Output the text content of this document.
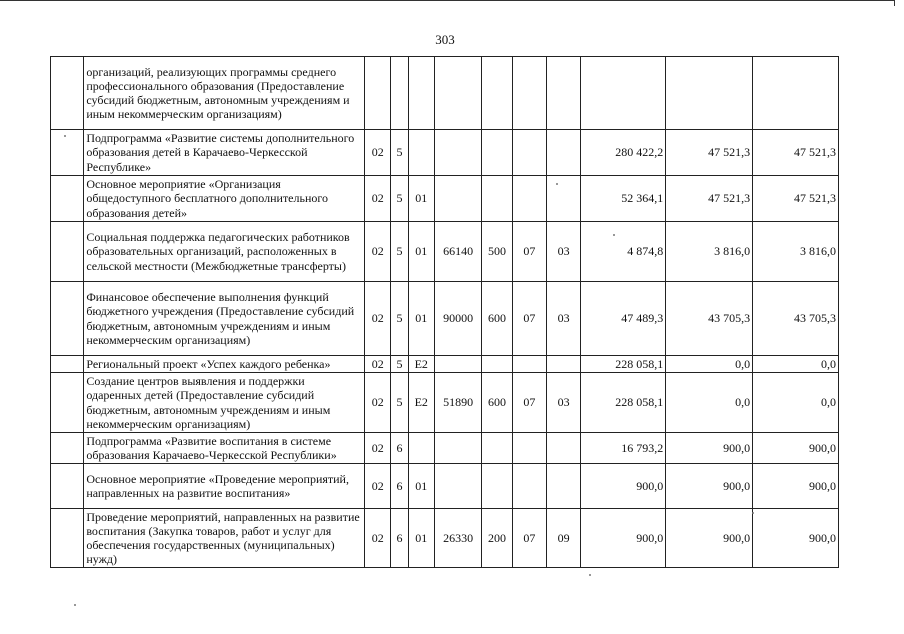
303
	организаций, реализующих программы среднего профессионального образования (Предоставление субсидий бюджетным, автономным учреждениям и иным некоммерческим организациям)										
	Подпрограмма «Развитие системы дополнительного образования детей в Карачаево-Черкесской Республике»	02	5						280 422,2	47 521,3	47 521,3
	Основное мероприятие «Организация общедоступного бесплатного дополнительного образования детей»	02	5	01					52 364,1	47 521,3	47 521,3
	Социальная поддержка педагогических работников образовательных организаций, расположенных в сельской местности (Межбюджетные трансферты)	02	5	01	66140	500	07	03	4 874,8	3 816,0	3 816,0
	Финансовое обеспечение выполнения функций бюджетного учреждения (Предоставление субсидий бюджетным, автономным учреждениям и иным некоммерческим организациям)	02	5	01	90000	600	07	03	47 489,3	43 705,3	43 705,3
	Региональный проект «Успех каждого ребенка»	02	5	E2					228 058,1	0,0	0,0
	Создание центров выявления и поддержки одаренных детей (Предоставление субсидий бюджетным, автономным учреждениям и иным некоммерческим организациям)	02	5	E2	51890	600	07	03	228 058,1	0,0	0,0
	Подпрограмма «Развитие воспитания в системе образования Карачаево-Черкесской Республики»	02	6						16 793,2	900,0	900,0
	Основное мероприятие «Проведение мероприятий, направленных на развитие воспитания»	02	6	01					900,0	900,0	900,0
	Проведение мероприятий, направленных на развитие воспитания (Закупка товаров, работ и услуг для обеспечения государственных (муниципальных) нужд)	02	6	01	26330	200	07	09	900,0	900,0	900,0
